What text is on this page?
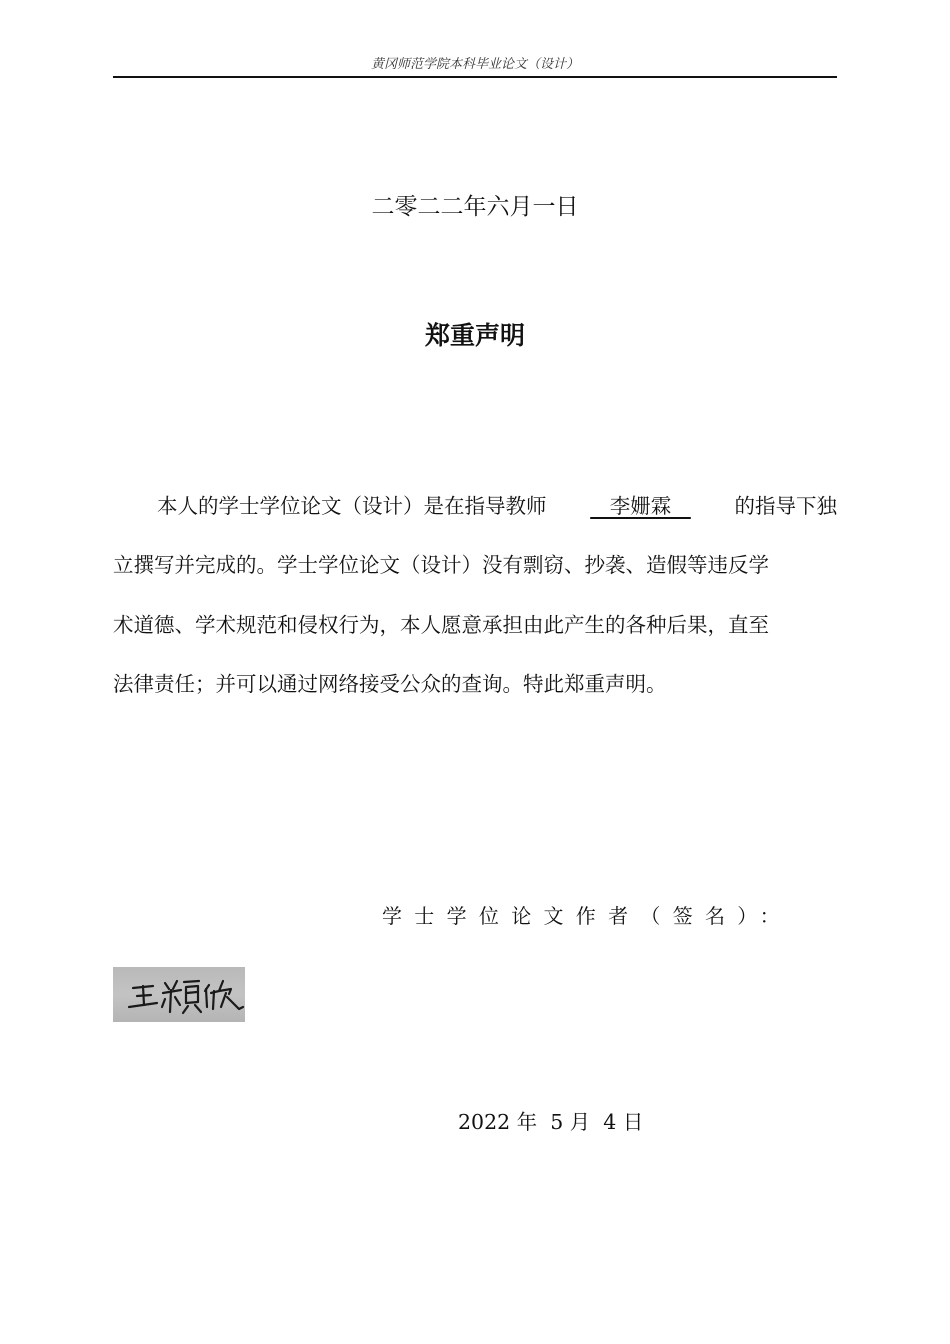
黄冈师范学院本科毕业论文（设计）
二零二二年六月一日
郑重声明
本人的学士学位论文（设计）是在指导教师 李姗霖 的指导下独
立撰写并完成的。学士学位论文（设计）没有剽窃、抄袭、造假等违反学
术道德、学术规范和侵权行为，本人愿意承担由此产生的各种后果，直至
法律责任；并可以通过网络接受公众的查询。特此郑重声明。
学士学位论文作者（签名）：
2022 年  5 月  4 日
